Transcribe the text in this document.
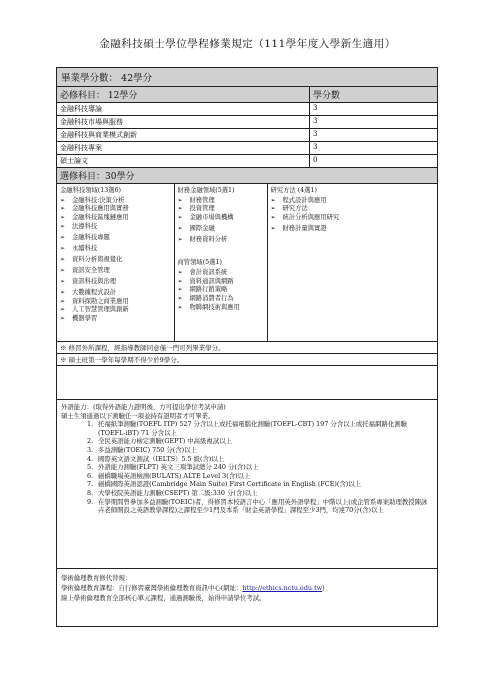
金融科技碩士學位學程修業規定（111學年度入學新生適用）
畢業學分數： 42學分
必修科目： 12學分	學分數
金融科技導論	3
金融科技市場與服務	3
金融科技與商業模式創新	3
金融科技專案	3
碩士論文	0
選修科目：30學分

金融科技領域(13選6)
➢	金融科技:決策分析
➢	金融科技應用與實務
➢	金融科技區塊鏈應用
➢	法遵科技
➢	金融科技專題
➢	永續科技
➢	資料分析與視覺化
➢	資訊安全管理
➢	資訊科技與治理
➢	大數據程式設計
➢	資料探勘之商業應用
➢	人工智慧管理與創新
➢	機器學習

財務金融領域(5選1)
➢	財務管理
➢	投資管理
➢	金融市場與機構
➢	國際金融
➢	財務資料分析
商管領域(5選1)
➢	會計資訊系統
➢	資料通訊與網路
➢	網路行銷策略
➢	網路消費者行為
➢	物聯網技術與應用

研究方法 (4選1)
➢	程式設計與應用
➢	研究方法
➢	統計分析與應用研究
➢	財務計量與實證

※ 修習外所課程，經指導教師同意僅一門可列畢業學分。
※ 碩士班第一學年每學期不得少於9學分。

外語能力：(取得外語能力證明後，方可提出學位考試申請)
碩士生須通過以下測驗任一項並持有證明者才可畢業。
1. 托福紙筆測驗(TOEFL ITP) 527 分含以上或托福電腦化測驗(TOEFL-CBT) 197 分含以上或托福網路化測驗(TOEFL-iBT) 71 分含以上
2. 全民英語能力檢定測驗(GEPT) 中高級複試以上
3. 多益測驗(TOEIC) 750 分(含)以上
4. 國際英文語文測試（IELTS）5.5 級(含)以上
5. 外語能力測驗(FLPT) 英文三項筆試總分 240 分(含)以上
6. 劍橋職場英語檢測(BULATS) ALTE Level 3(含)以上
7. 劍橋國際英語認證(Cambridge Main Suite) First Certificate in English (FCE)(含)以上
8. 大學校院英語能力測驗(CSEPT) 第二級:330 分(含)以上
9. 在學期間曾參加多益測驗(TOEIC)者，得修習本校語言中心「應用英外語學程」中階以上(或企管系專案助理教授陳詠卉老師開設之英語教學課程)之課程至少1門及本系「財金英語學程」課程至少3門，均達70分(含)以上

學術倫理教育修代替規：
學術倫理教育課程：自行修習臺灣學術倫理教育資訊中心(網址：http://ethics.nctu.edu.tw)
線上學術倫理教育全部核心單元課程，通過測驗後，始得申請學位考試。
